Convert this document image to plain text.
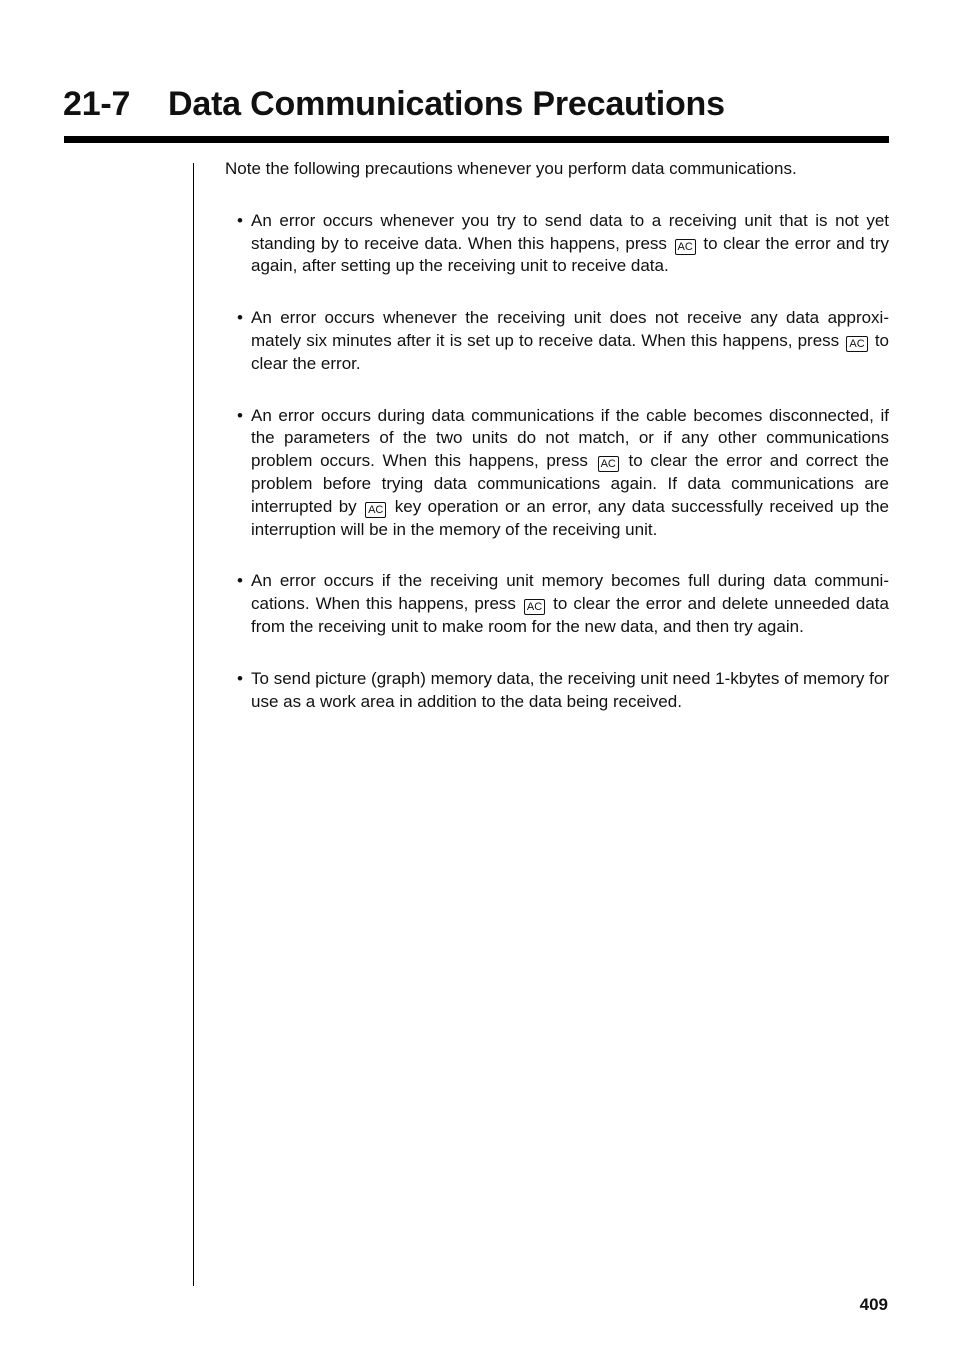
21-7 Data Communications Precautions

Note the following precautions whenever you perform data communications.

• An error occurs whenever you try to send data to a receiving unit that is not yet standing by to receive data. When this happens, press AC to clear the error and try again, after setting up the receiving unit to receive data.
• An error occurs whenever the receiving unit does not receive any data approxi-mately six minutes after it is set up to receive data. When this happens, press AC to clear the error.
• An error occurs during data communications if the cable becomes disconnected, if the parameters of the two units do not match, or if any other communications problem occurs. When this happens, press AC to clear the error and correct the problem before trying data communications again. If data communications are interrupted by AC key operation or an error, any data successfully received up the interruption will be in the memory of the receiving unit.
• An error occurs if the receiving unit memory becomes full during data communi-cations. When this happens, press AC to clear the error and delete unneeded data from the receiving unit to make room for the new data, and then try again.
• To send picture (graph) memory data, the receiving unit need 1-kbytes of memory for use as a work area in addition to the data being received.
409
